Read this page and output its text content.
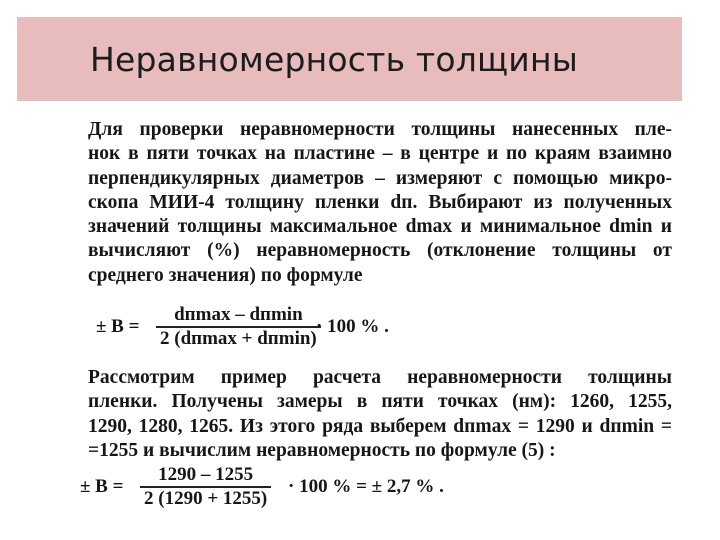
Неравномерность толщины
Для проверки неравномерности толщины нанесенных пле-
нок в пяти точках на пластине – в центре и по краям взаимно
перпендикулярных диаметров – измеряют с помощью микро-
скопа МИИ-4 толщину пленки dп. Выбирают из полученных
значений толщины максимальное dmax и минимальное dmin и
вычисляют (%) неравномерность (отклонение толщины от
среднего значения) по формуле
± B =
dпmax – dпmin
2 (dпmax + dпmin)
· 100 % .
Рассмотрим пример расчета неравномерности толщины
пленки. Получены замеры в пяти точках (нм): 1260, 1255,
1290, 1280, 1265. Из этого ряда выберем dпmax = 1290 и dпmin =
=1255 и вычислим неравномерность по формуле (5) :
± B =
1290 – 1255
2 (1290 + 1255)
· 100 % = ± 2,7 % .
